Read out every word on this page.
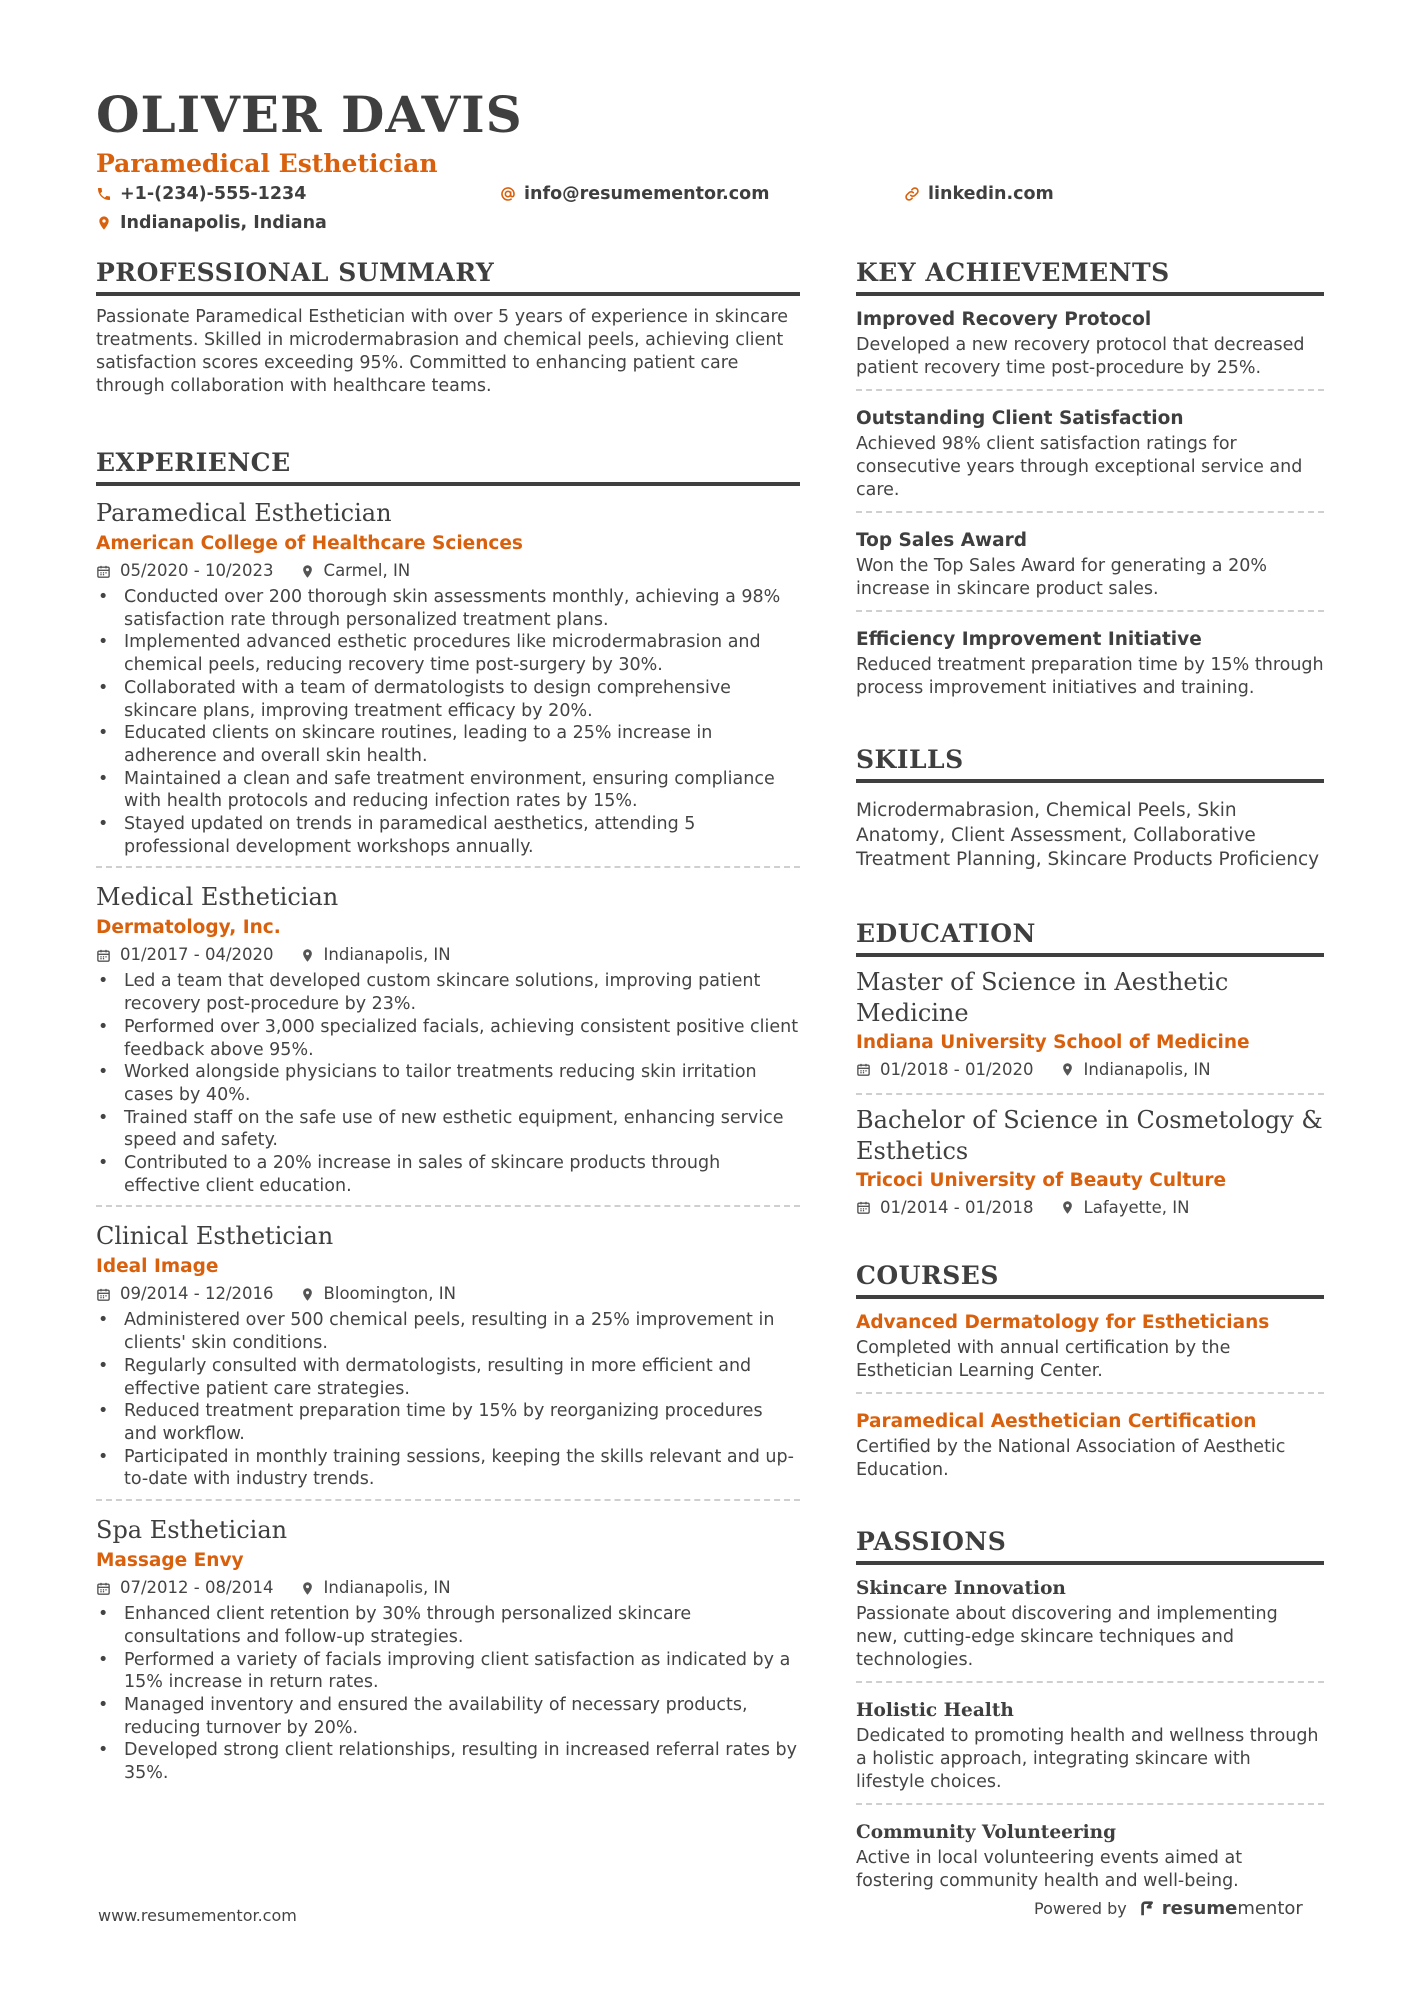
OLIVER DAVIS
Paramedical Esthetician
+1-(234)-555-1234	info@resumementor.com	linkedin.com
Indianapolis, Indiana
PROFESSIONAL SUMMARY
Passionate Paramedical Esthetician with over 5 years of experience in skincare treatments. Skilled in microdermabrasion and chemical peels, achieving client satisfaction scores exceeding 95%. Committed to enhancing patient care through collaboration with healthcare teams.
EXPERIENCE
Paramedical Esthetician
American College of Healthcare Sciences
05/2020 - 10/2023	Carmel, IN
• Conducted over 200 thorough skin assessments monthly, achieving a 98% satisfaction rate through personalized treatment plans.
• Implemented advanced esthetic procedures like microdermabrasion and chemical peels, reducing recovery time post-surgery by 30%.
• Collaborated with a team of dermatologists to design comprehensive skincare plans, improving treatment efficacy by 20%.
• Educated clients on skincare routines, leading to a 25% increase in adherence and overall skin health.
• Maintained a clean and safe treatment environment, ensuring compliance with health protocols and reducing infection rates by 15%.
• Stayed updated on trends in paramedical aesthetics, attending 5 professional development workshops annually.
Medical Esthetician
Dermatology, Inc.
01/2017 - 04/2020	Indianapolis, IN
• Led a team that developed custom skincare solutions, improving patient recovery post-procedure by 23%.
• Performed over 3,000 specialized facials, achieving consistent positive client feedback above 95%.
• Worked alongside physicians to tailor treatments reducing skin irritation cases by 40%.
• Trained staff on the safe use of new esthetic equipment, enhancing service speed and safety.
• Contributed to a 20% increase in sales of skincare products through effective client education.
Clinical Esthetician
Ideal Image
09/2014 - 12/2016	Bloomington, IN
• Administered over 500 chemical peels, resulting in a 25% improvement in clients' skin conditions.
• Regularly consulted with dermatologists, resulting in more efficient and effective patient care strategies.
• Reduced treatment preparation time by 15% by reorganizing procedures and workflow.
• Participated in monthly training sessions, keeping the skills relevant and up-to-date with industry trends.
Spa Esthetician
Massage Envy
07/2012 - 08/2014	Indianapolis, IN
• Enhanced client retention by 30% through personalized skincare consultations and follow-up strategies.
• Performed a variety of facials improving client satisfaction as indicated by a 15% increase in return rates.
• Managed inventory and ensured the availability of necessary products, reducing turnover by 20%.
• Developed strong client relationships, resulting in increased referral rates by 35%.
KEY ACHIEVEMENTS
Improved Recovery Protocol
Developed a new recovery protocol that decreased patient recovery time post-procedure by 25%.
Outstanding Client Satisfaction
Achieved 98% client satisfaction ratings for consecutive years through exceptional service and care.
Top Sales Award
Won the Top Sales Award for generating a 20% increase in skincare product sales.
Efficiency Improvement Initiative
Reduced treatment preparation time by 15% through process improvement initiatives and training.
SKILLS
Microdermabrasion, Chemical Peels, Skin Anatomy, Client Assessment, Collaborative Treatment Planning, Skincare Products Proficiency
EDUCATION
Master of Science in Aesthetic Medicine
Indiana University School of Medicine
01/2018 - 01/2020	Indianapolis, IN
Bachelor of Science in Cosmetology & Esthetics
Tricoci University of Beauty Culture
01/2014 - 01/2018	Lafayette, IN
COURSES
Advanced Dermatology for Estheticians
Completed with annual certification by the Esthetician Learning Center.
Paramedical Aesthetician Certification
Certified by the National Association of Aesthetic Education.
PASSIONS
Skincare Innovation
Passionate about discovering and implementing new, cutting-edge skincare techniques and technologies.
Holistic Health
Dedicated to promoting health and wellness through a holistic approach, integrating skincare with lifestyle choices.
Community Volunteering
Active in local volunteering events aimed at fostering community health and well-being.
www.resumementor.com	Powered by resume mentor
